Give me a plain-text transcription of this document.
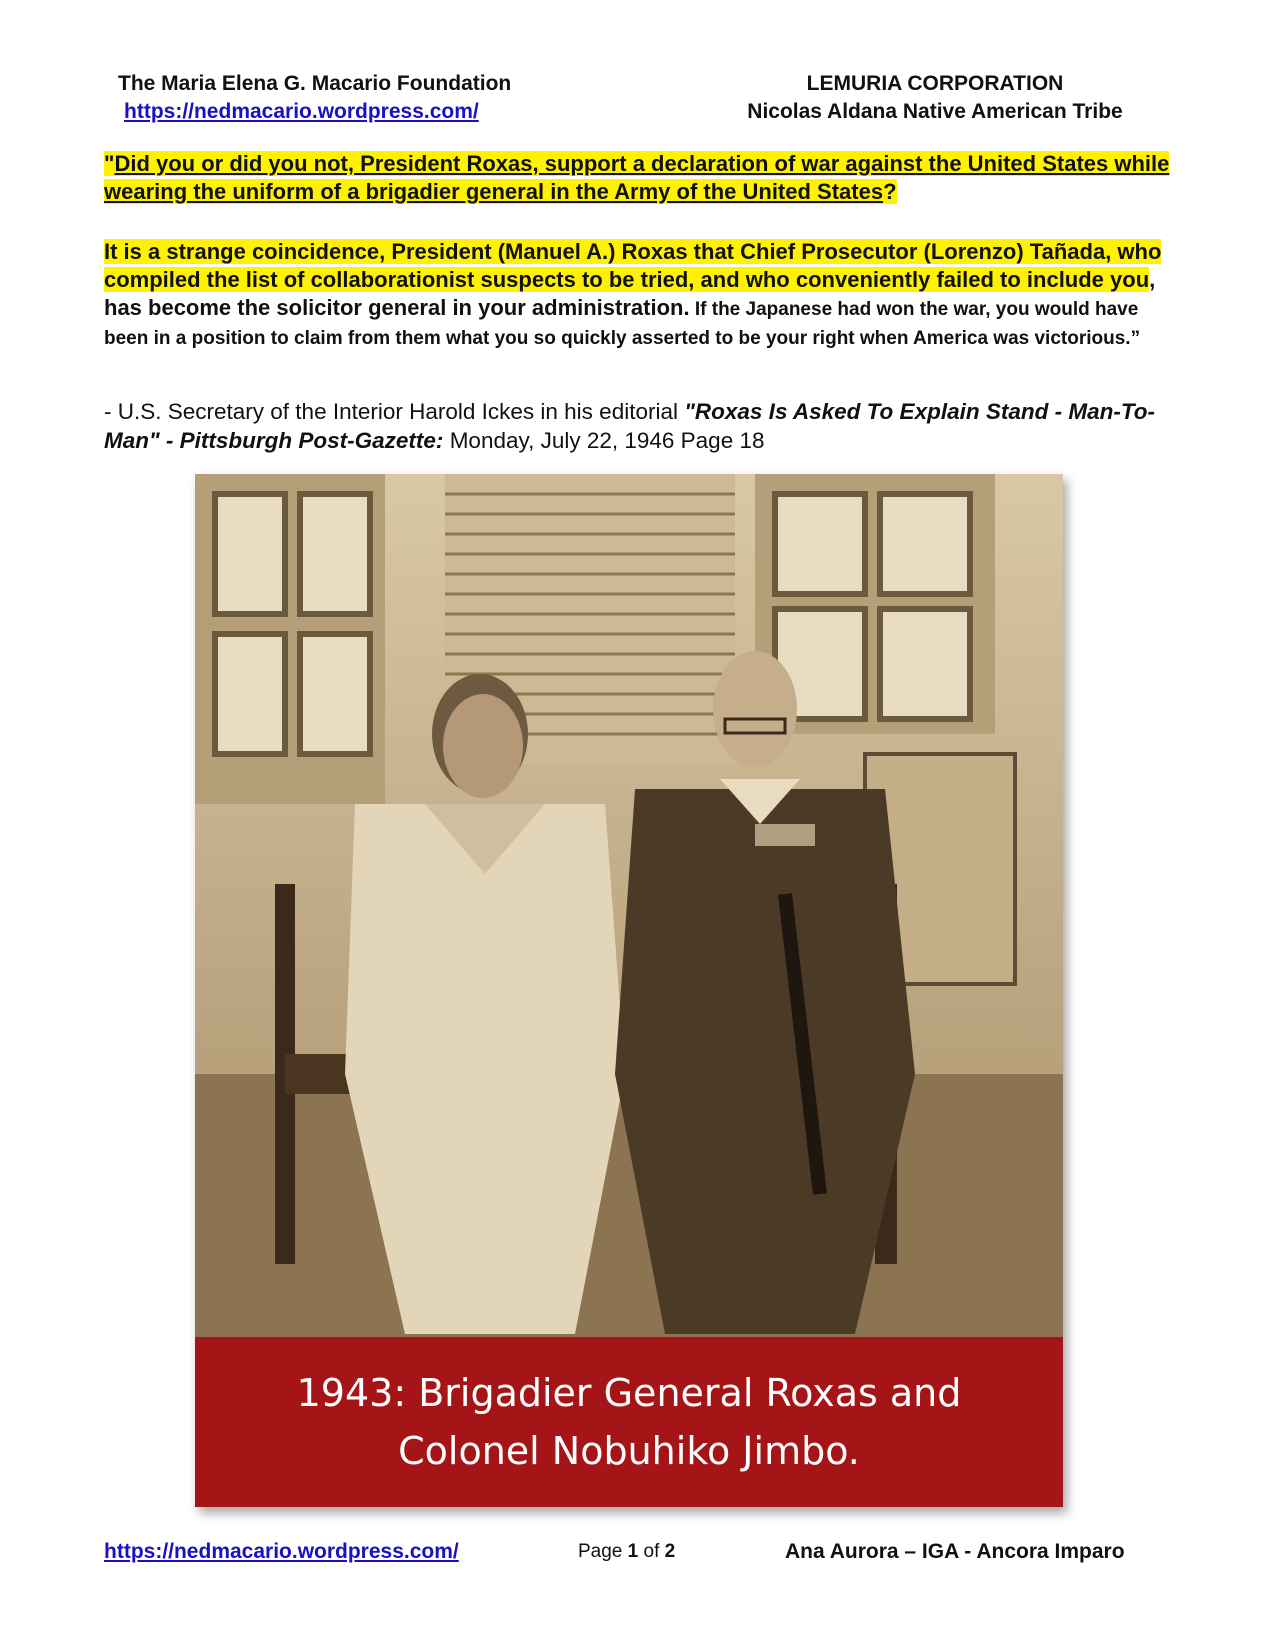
The Maria Elena G. Macario Foundation
https://nedmacario.wordpress.com/
LEMURIA CORPORATION
Nicolas Aldana Native American Tribe
"Did you or did you not, President Roxas, support a declaration of war against the United States while wearing the uniform of a brigadier general in the Army of the United States?
It is a strange coincidence, President (Manuel A.) Roxas that Chief Prosecutor (Lorenzo) Tañada, who compiled the list of collaborationist suspects to be tried, and who conveniently failed to include you, has become the solicitor general in your administration. If the Japanese had won the war, you would have been in a position to claim from them what you so quickly asserted to be your right when America was victorious.”
- U.S. Secretary of the Interior Harold Ickes in his editorial "Roxas Is Asked To Explain Stand - Man-To-Man" - Pittsburgh Post-Gazette: Monday, July 22, 1946 Page 18
1943: Brigadier General Roxas and
Colonel Nobuhiko Jimbo.
https://nedmacario.wordpress.com/	Page 1 of 2	Ana Aurora – IGA - Ancora Imparo
